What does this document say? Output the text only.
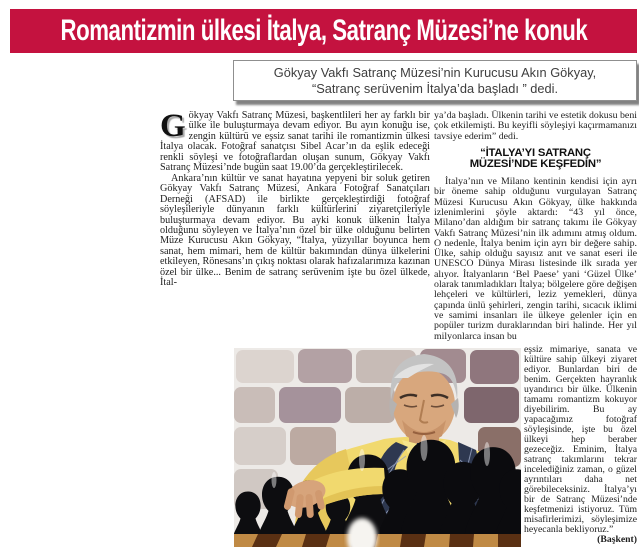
Romantizmin ülkesi İtalya, Satranç Müzesi’ne konuk
Gökyay Vakfı Satranç Müzesi’nin Kurucusu Akın Gökyay,
“Satranç serüvenim İtalya’da başladı ” dedi.

Gökyay Vakfı Satranç Müzesi, başkentlileri her ay farklı bir ülke ile buluşturmaya devam ediyor. Bu ayın konuğu ise, zengin kültürü ve eşsiz sanat tarihi ile romantizmin ülkesi İtalya olacak. Fotoğraf sanatçısı Sibel Acar’ın da eşlik edeceği renkli söyleşi ve fotoğraflardan oluşan sunum, Gökyay Vakfı Satranç Müzesi’nde bugün saat 19.00’da gerçekleştirilecek.

Ankara’nın kültür ve sanat hayatına yepyeni bir soluk getiren Gökyay Vakfı Satranç Müzesi, Ankara Fotoğraf Sanatçıları Derneği (AFSAD) ile birlikte gerçekleştirdiği fotoğraf söyleşileriyle dünyanın farklı kültürlerini ziyaretçileriyle buluşturmaya devam ediyor. Bu ayki konuk ülkenin İtalya olduğunu söyleyen ve İtalya’nın özel bir ülke olduğunu belirten Müze Kurucusu Akın Gökyay, “İtalya, yüzyıllar boyunca hem sanat, hem mimari, hem de kültür bakımından dünya ülkelerini etkileyen, Rönesans’ın çıkış noktası olarak hafızalarımıza kazınan özel bir ülke... Benim de satranç serüvenim işte bu özel ülkede, İtal-

ya’da başladı. Ülkenin tarihi ve estetik dokusu beni çok etkilemişti. Bu keyifli söyleşiyi kaçırmamanızı tavsiye ederim” dedi.

“İTALYA’YI SATRANÇ
MÜZESİ’NDE KEŞFEDİN”

İtalya’nın ve Milano kentinin kendisi için ayrı bir öneme sahip olduğunu vurgulayan Satranç Müzesi Kurucusu Akın Gökyay, ülke hakkında izlenimlerini şöyle aktardı: “43 yıl önce, Milano’dan aldığım bir satranç takımı ile Gökyay Vakfı Satranç Müzesi’nin ilk adımını atmış oldum. O nedenle, İtalya benim için ayrı bir değere sahip. Ülke, sahip olduğu sayısız anıt ve sanat eseri ile UNESCO Dünya Mirası listesinde ilk sırada yer alıyor. İtalyanların ‘Bel Paese’ yani ‘Güzel Ülke’ olarak tanımladıkları İtalya; bölgelere göre değişen lehçeleri ve kültürleri, leziz yemekleri, dünya çapında ünlü şehirleri, zengin tarihi, sıcacık iklimi ve samimi insanları ile ülkeye gelenler için en popüler turizm duraklarından biri halinde. Her yıl milyonlarca insan bu

eşsiz mimariye, sanata ve kültüre sahip ülkeyi ziyaret ediyor. Bunlardan biri de benim. Gerçekten hayranlık uyandırıcı bir ülke. Ülkenin tamamı romantizm kokuyor diyebilirim. Bu ay yapacağımız fotoğraf söyleşisinde, işte bu özel ülkeyi hep beraber gezeceğiz. Eminim, İtalya satranç takımlarını tekrar incelediğiniz zaman, o güzel ayrıntıları daha net görebileceksiniz. İtalya’yı bir de Satranç Müzesi’nde keşfetmenizi istiyoruz. Tüm misafirlerimizi, söyleşimize heyecanla bekliyoruz.”
(Başkent)
